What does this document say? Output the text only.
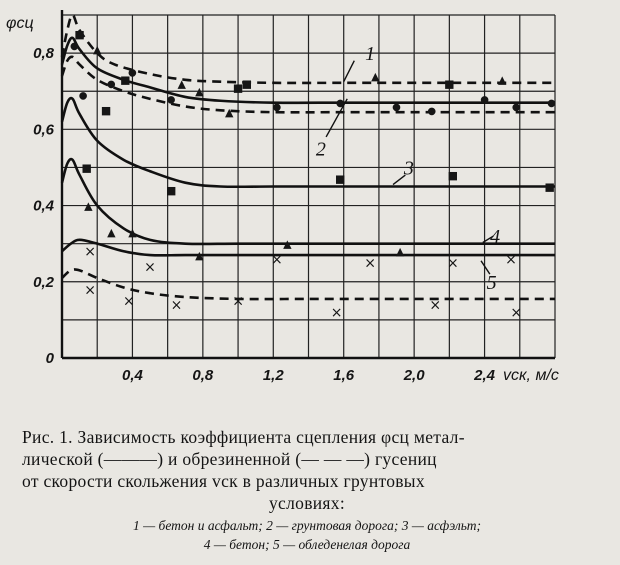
■
▲
■	▲	■
▲
■
▲
■	▲
▲
●
●
●
●
●	●	●	●
●
●	●
●
■
■
■
■	■
■
▲
▲ ▲
▲
▲
▲
×
×	×	×	×	×
×
×	×	×
×	×	×
0,4	0,8	1,2	1,6	2,0	2,4
0
0,2
0,4
0,6
0,8
φсц
vск, м/с
1
2
3
4
5
Рис. 1. Зависимость коэффициента сцепления φсц метал-
лической (———) и обрезиненной (— — —) гусениц
от скорости скольжения vск в различных грунтовых
условиях:
1 — бетон и асфальт; 2 — грунтовая дорога; 3 — асфэльт;
4 — бетон; 5 — обледенелая дорога
